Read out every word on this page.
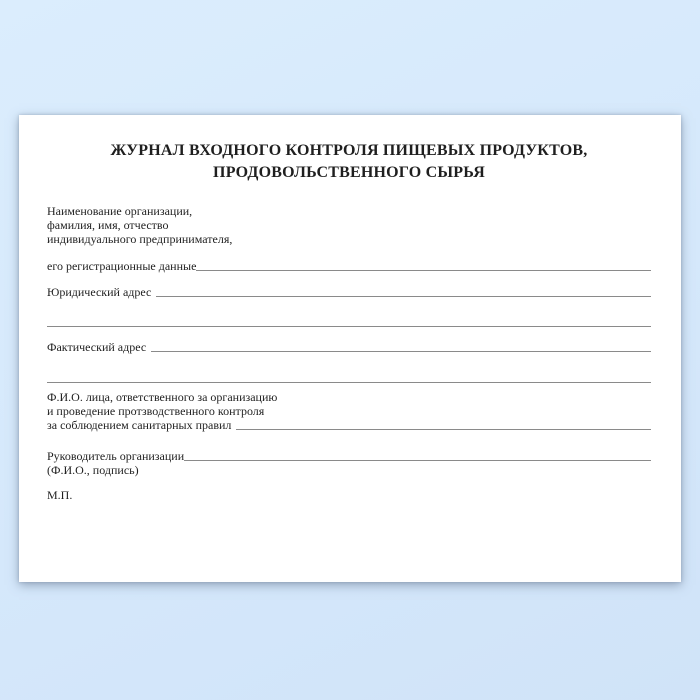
ЖУРНАЛ ВХОДНОГО КОНТРОЛЯ ПИЩЕВЫХ ПРОДУКТОВ,
ПРОДОВОЛЬСТВЕННОГО СЫРЬЯ
Наименование организации,
фамилия, имя, отчество
индивидуального предпринимателя,
его регистрационные данные
Юридический адрес
Фактический адрес
Ф.И.О. лица, ответственного за организацию
и проведение протзводственного контроля
за соблюдением санитарных правил
Руководитель организации
(Ф.И.О., подпись)
М.П.
